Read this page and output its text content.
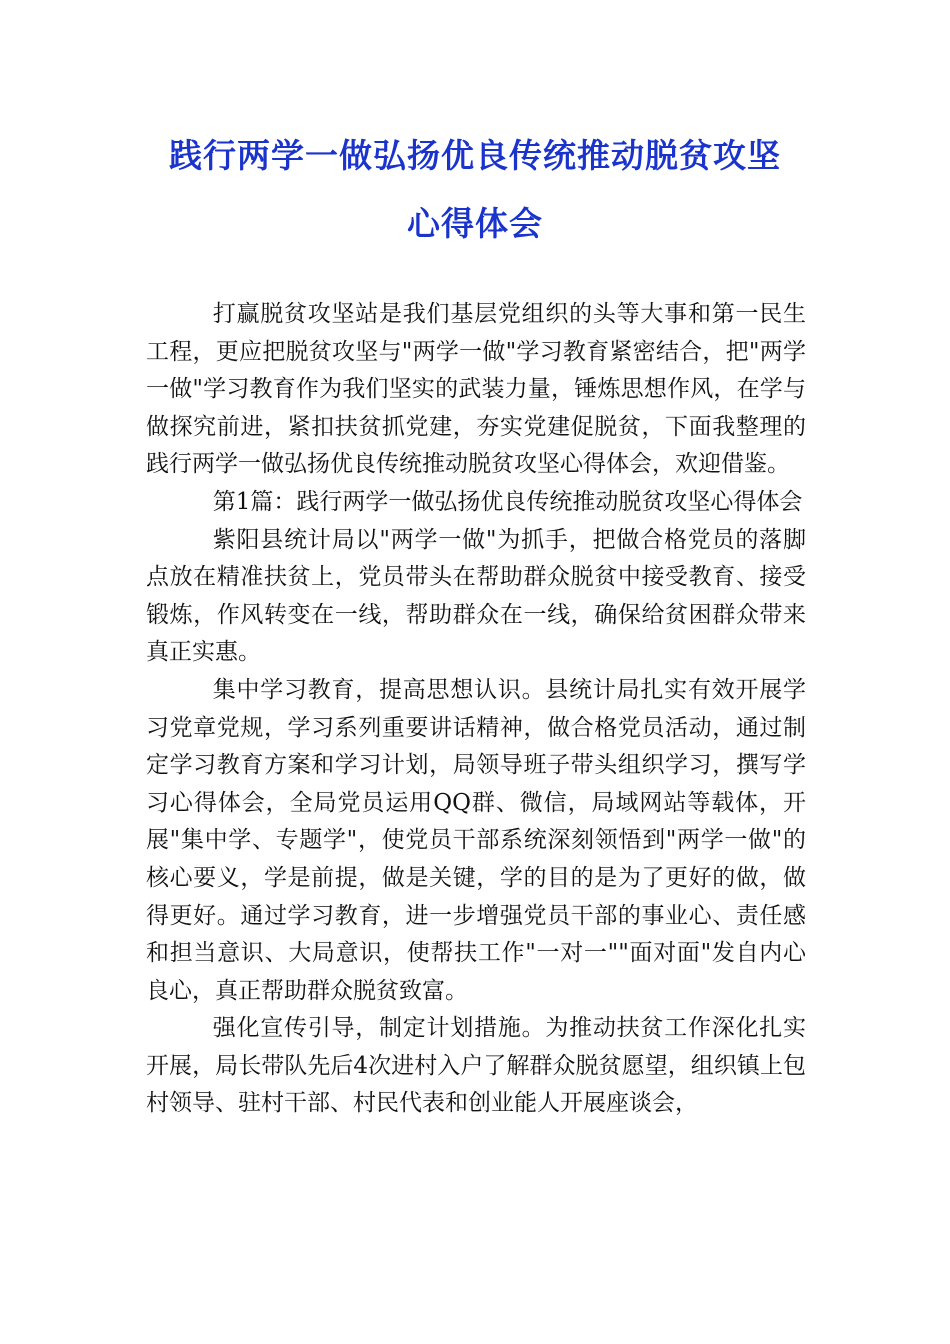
践行两学一做弘扬优良传统推动脱贫攻坚
心得体会

打赢脱贫攻坚站是我们基层党组织的头等大事和第一民生工程，更应把脱贫攻坚与"两学一做"学习教育紧密结合，把"两学一做"学习教育作为我们坚实的武装力量，锤炼思想作风，在学与做探究前进，紧扣扶贫抓党建，夯实党建促脱贫，下面我整理的践行两学一做弘扬优良传统推动脱贫攻坚心得体会，欢迎借鉴。

第1篇：践行两学一做弘扬优良传统推动脱贫攻坚心得体会

紫阳县统计局以"两学一做"为抓手，把做合格党员的落脚点放在精准扶贫上，党员带头在帮助群众脱贫中接受教育、接受锻炼，作风转变在一线，帮助群众在一线，确保给贫困群众带来真正实惠。

集中学习教育，提高思想认识。县统计局扎实有效开展学习党章党规，学习系列重要讲话精神，做合格党员活动，通过制定学习教育方案和学习计划，局领导班子带头组织学习，撰写学习心得体会，全局党员运用QQ群、微信，局域网站等载体，开展"集中学、专题学"，使党员干部系统深刻领悟到"两学一做"的核心要义，学是前提，做是关键，学的目的是为了更好的做，做得更好。通过学习教育，进一步增强党员干部的事业心、责任感和担当意识、大局意识，使帮扶工作"一对一""面对面"发自内心良心，真正帮助群众脱贫致富。

强化宣传引导，制定计划措施。为推动扶贫工作深化扎实开展，局长带队先后4次进村入户了解群众脱贫愿望，组织镇上包村领导、驻村干部、村民代表和创业能人开展座谈会，
